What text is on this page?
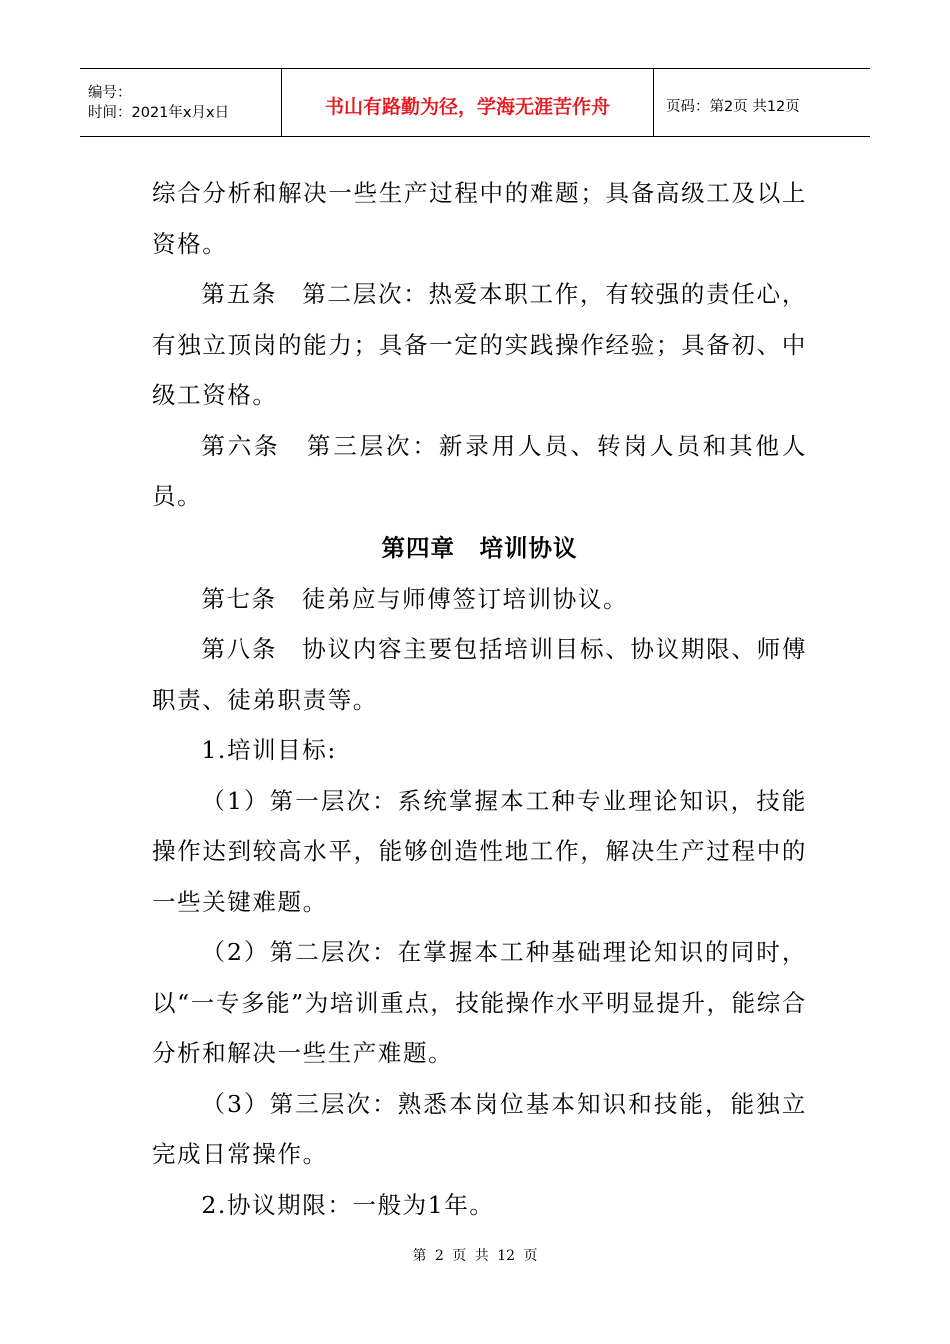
编号：
时间：2021年x月x日	书山有路勤为径，学海无涯苦作舟	页码：第2页 共12页

综合分析和解决一些生产过程中的难题；具备高级工及以上资格。

第五条　第二层次：热爱本职工作，有较强的责任心，有独立顶岗的能力；具备一定的实践操作经验；具备初、中级工资格。

第六条　第三层次：新录用人员、转岗人员和其他人员。

第四章　培训协议

第七条　徒弟应与师傅签订培训协议。

第八条　协议内容主要包括培训目标、协议期限、师傅职责、徒弟职责等。

1.培训目标:

（1）第一层次：系统掌握本工种专业理论知识，技能操作达到较高水平，能够创造性地工作，解决生产过程中的一些关键难题。

（2）第二层次：在掌握本工种基础理论知识的同时，以“一专多能”为培训重点，技能操作水平明显提升，能综合分析和解决一些生产难题。

（3）第三层次：熟悉本岗位基本知识和技能，能独立完成日常操作。

2.协议期限：一般为1年。

第 2 页 共 12 页
